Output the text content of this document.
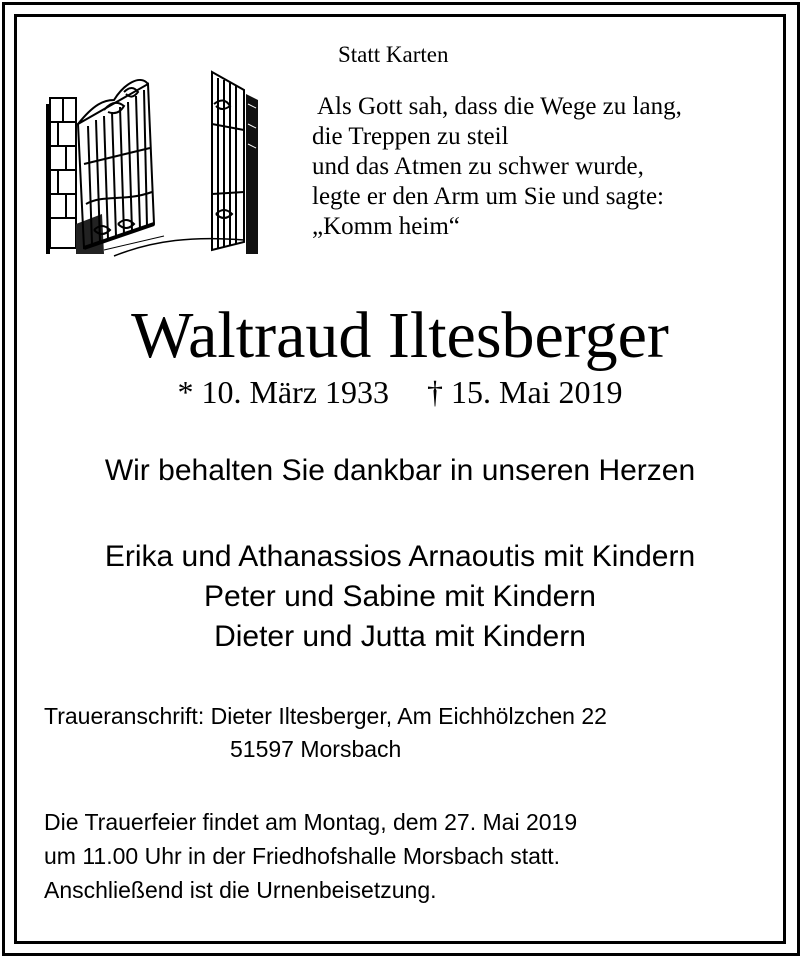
Statt Karten
Als Gott sah, dass die Wege zu lang,
die Treppen zu steil
und das Atmen zu schwer wurde,
legte er den Arm um Sie und sagte:
„Komm heim“
Waltraud Iltesberger
* 10. März 1933 † 15. Mai 2019
Wir behalten Sie dankbar in unseren Herzen
Erika und Athanassios Arnaoutis mit Kindern
Peter und Sabine mit Kindern
Dieter und Jutta mit Kindern
Traueranschrift: Dieter Iltesberger, Am Eichhölzchen 22
51597 Morsbach
Die Trauerfeier findet am Montag, dem 27. Mai 2019
um 11.00 Uhr in der Friedhofshalle Morsbach statt.
Anschließend ist die Urnenbeisetzung.
